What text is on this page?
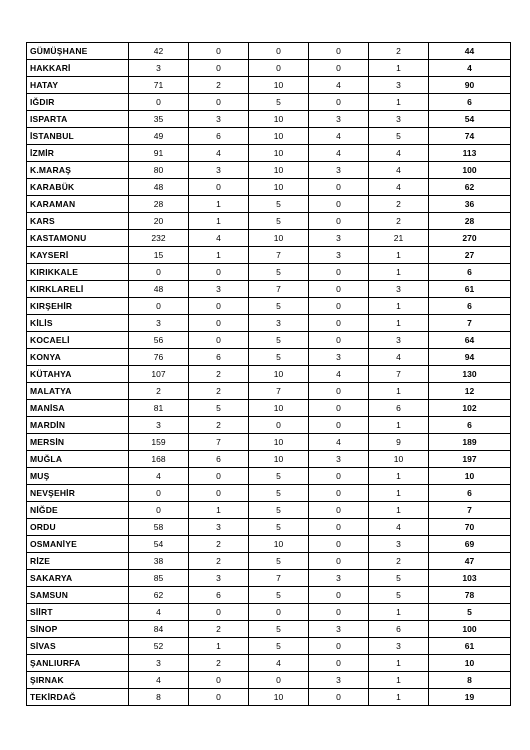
GÜMÜŞHANE	42	0	0	0	2	44
HAKKARİ	3	0	0	0	1	4
HATAY	71	2	10	4	3	90
IĞDIR	0	0	5	0	1	6
ISPARTA	35	3	10	3	3	54
İSTANBUL	49	6	10	4	5	74
İZMİR	91	4	10	4	4	113
K.MARAŞ	80	3	10	3	4	100
KARABÜK	48	0	10	0	4	62
KARAMAN	28	1	5	0	2	36
KARS	20	1	5	0	2	28
KASTAMONU	232	4	10	3	21	270
KAYSERİ	15	1	7	3	1	27
KIRIKKALE	0	0	5	0	1	6
KIRKLARELİ	48	3	7	0	3	61
KIRŞEHİR	0	0	5	0	1	6
KİLİS	3	0	3	0	1	7
KOCAELİ	56	0	5	0	3	64
KONYA	76	6	5	3	4	94
KÜTAHYA	107	2	10	4	7	130
MALATYA	2	2	7	0	1	12
MANİSA	81	5	10	0	6	102
MARDİN	3	2	0	0	1	6
MERSİN	159	7	10	4	9	189
MUĞLA	168	6	10	3	10	197
MUŞ	4	0	5	0	1	10
NEVŞEHİR	0	0	5	0	1	6
NİĞDE	0	1	5	0	1	7
ORDU	58	3	5	0	4	70
OSMANİYE	54	2	10	0	3	69
RİZE	38	2	5	0	2	47
SAKARYA	85	3	7	3	5	103
SAMSUN	62	6	5	0	5	78
SİİRT	4	0	0	0	1	5
SİNOP	84	2	5	3	6	100
SİVAS	52	1	5	0	3	61
ŞANLIURFA	3	2	4	0	1	10
ŞIRNAK	4	0	0	3	1	8
TEKİRDAĞ	8	0	10	0	1	19
